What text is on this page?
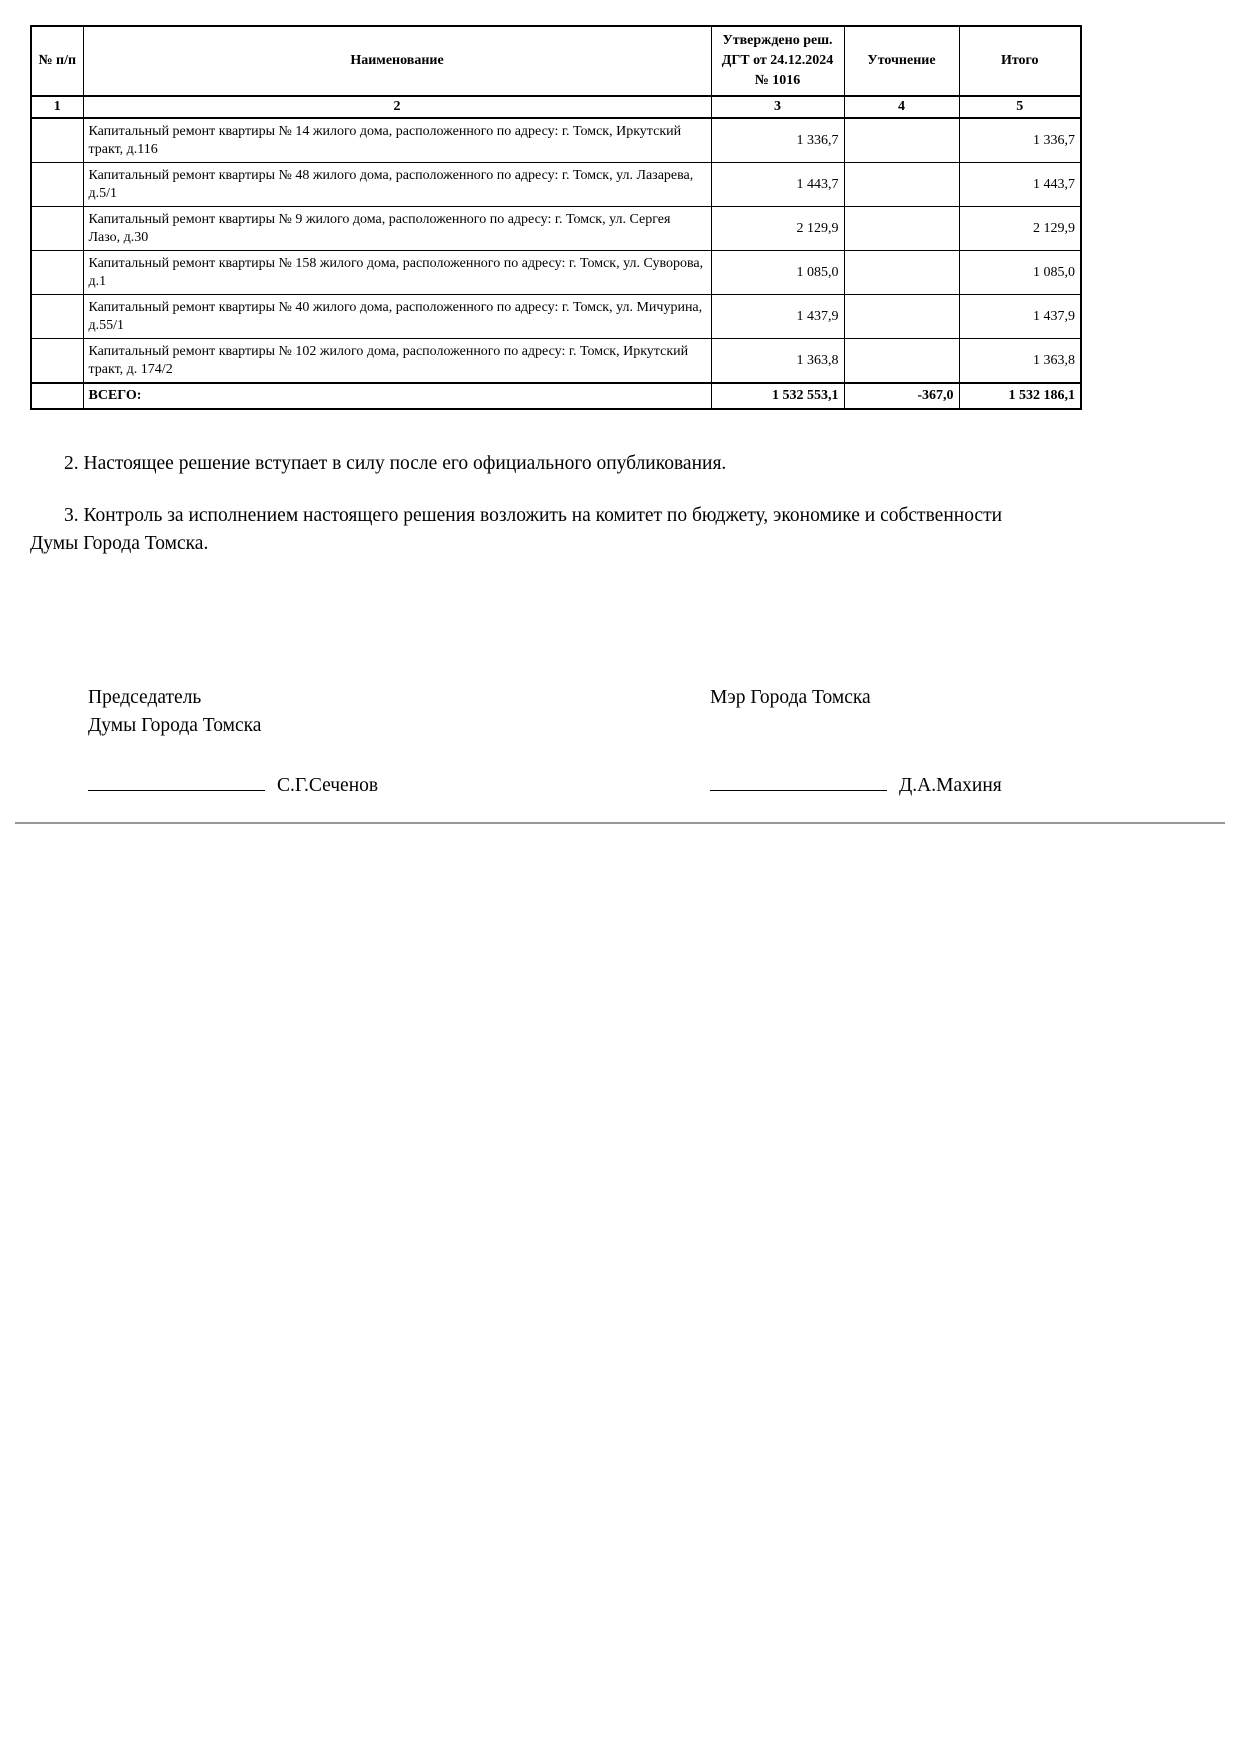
№ п/п	Наименование	Утверждено реш. ДГТ от 24.12.2024 № 1016	Уточнение	Итого
1	2	3	4	5
	Капитальный ремонт квартиры № 14 жилого дома, расположенного по адресу: г. Томск, Иркутский тракт, д.116	1 336,7		1 336,7
	Капитальный ремонт квартиры № 48 жилого дома, расположенного по адресу: г. Томск, ул. Лазарева, д.5/1	1 443,7		1 443,7
	Капитальный ремонт квартиры № 9 жилого дома, расположенного по адресу: г. Томск, ул. Сергея Лазо, д.30	2 129,9		2 129,9
	Капитальный ремонт квартиры № 158 жилого дома, расположенного по адресу: г. Томск, ул. Суворова, д.1	1 085,0		1 085,0
	Капитальный ремонт квартиры № 40 жилого дома, расположенного по адресу: г. Томск, ул. Мичурина, д.55/1	1 437,9		1 437,9
	Капитальный ремонт квартиры № 102 жилого дома, расположенного по адресу: г. Томск, Иркутский тракт, д. 174/2	1 363,8		1 363,8
	ВСЕГО:	1 532 553,1	-367,0	1 532 186,1

2. Настоящее решение вступает в силу после его официального опубликования.

3. Контроль за исполнением настоящего решения возложить на комитет по бюджету, экономике и собственности Думы Города Томска.

Председатель
Думы Города Томска
Мэр Города Томска
С.Г.Сеченов	Д.А.Махиня
